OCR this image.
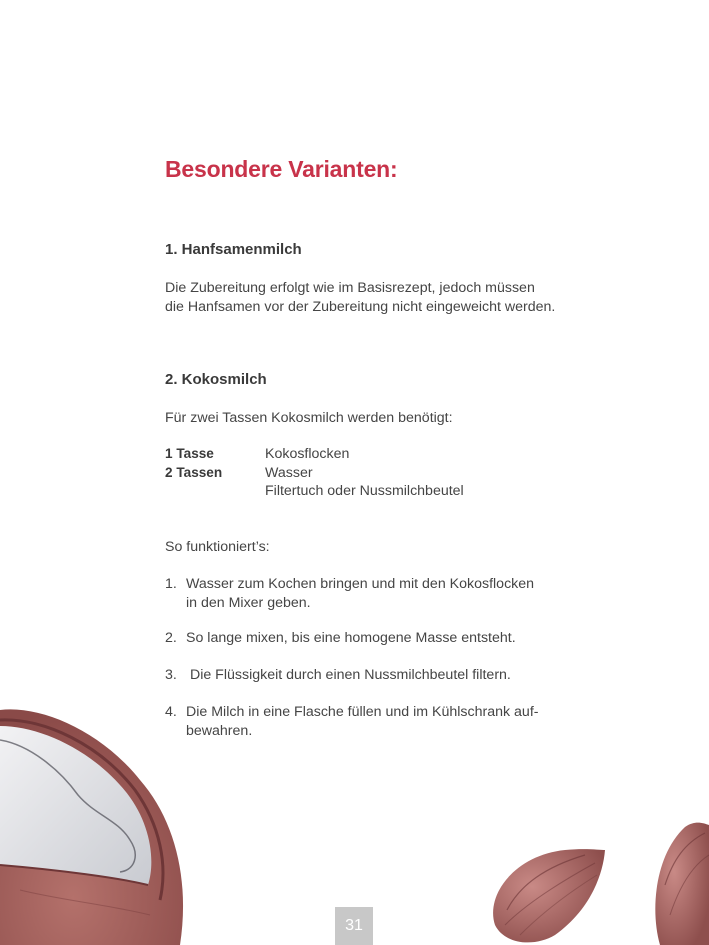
Besondere Varianten:
1. Hanfsamenmilch
Die Zubereitung erfolgt wie im Basisrezept, jedoch müssen
die Hanfsamen vor der Zubereitung nicht eingeweicht werden.
2. Kokosmilch
Für zwei Tassen Kokosmilch werden benötigt:
1 Tasse	Kokosflocken
2 Tassen	Wasser
Filtertuch oder Nussmilchbeutel
So funktioniert’s:
1. Wasser zum Kochen bringen und mit den Kokosflocken
in den Mixer geben.
2. So lange mixen, bis eine homogene Masse entsteht.
3. Die Flüssigkeit durch einen Nussmilchbeutel filtern.
4. Die Milch in eine Flasche füllen und im Kühlschrank auf-
bewahren.
31
